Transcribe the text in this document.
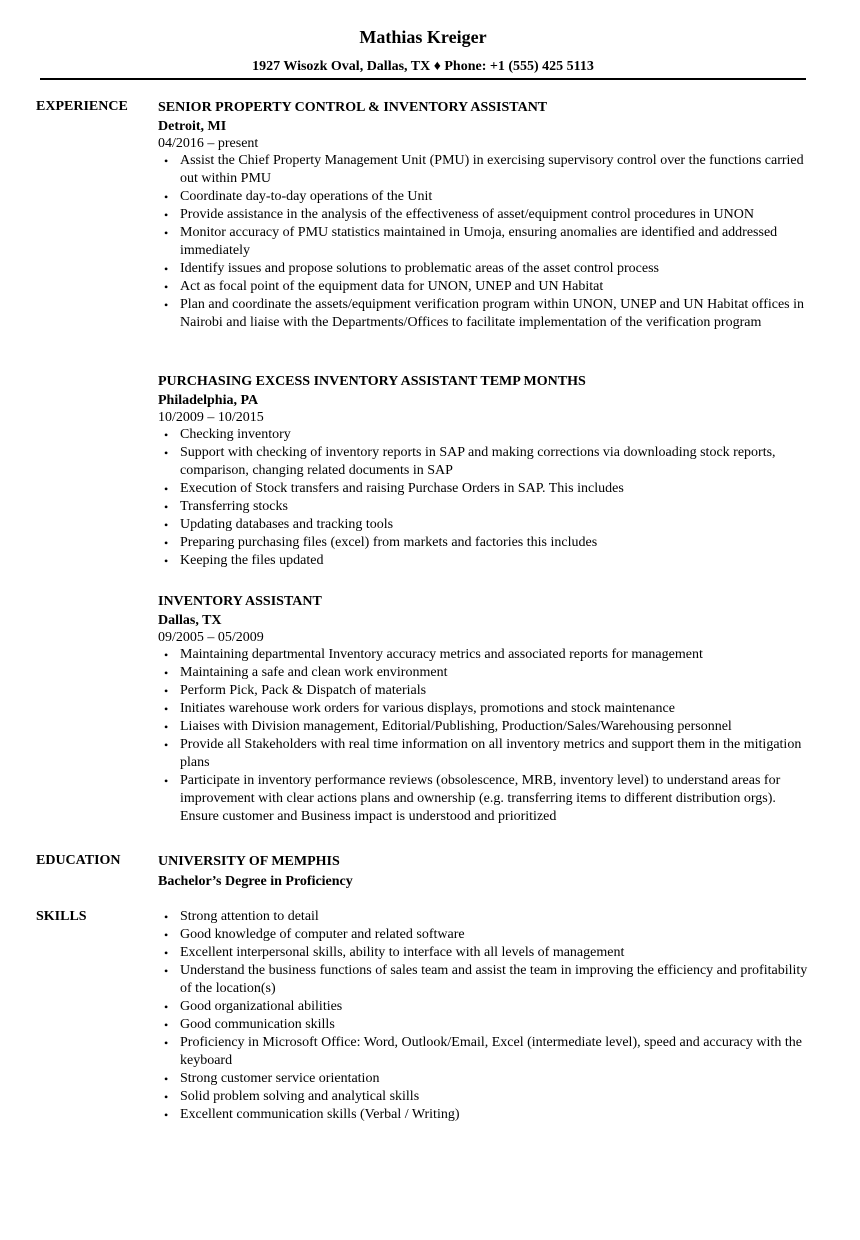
Mathias Kreiger
1927 Wisozk Oval, Dallas, TX ♦ Phone: +1 (555) 425 5113
EXPERIENCE SENIOR PROPERTY CONTROL & INVENTORY ASSISTANT
Detroit, MI
04/2016 – present
• Assist the Chief Property Management Unit (PMU) in exercising supervisory control over the functions carried out within PMU
• Coordinate day-to-day operations of the Unit
• Provide assistance in the analysis of the effectiveness of asset/equipment control procedures in UNON
• Monitor accuracy of PMU statistics maintained in Umoja, ensuring anomalies are identified and addressed immediately
• Identify issues and propose solutions to problematic areas of the asset control process
• Act as focal point of the equipment data for UNON, UNEP and UN Habitat
• Plan and coordinate the assets/equipment verification program within UNON, UNEP and UN Habitat offices in Nairobi and liaise with the Departments/Offices to facilitate implementation of the verification program
PURCHASING EXCESS INVENTORY ASSISTANT TEMP MONTHS
Philadelphia, PA
10/2009 – 10/2015
• Checking inventory
• Support with checking of inventory reports in SAP and making corrections via downloading stock reports, comparison, changing related documents in SAP
• Execution of Stock transfers and raising Purchase Orders in SAP. This includes
• Transferring stocks
• Updating databases and tracking tools
• Preparing purchasing files (excel) from markets and factories this includes
• Keeping the files updated
INVENTORY ASSISTANT
Dallas, TX
09/2005 – 05/2009
• Maintaining departmental Inventory accuracy metrics and associated reports for management
• Maintaining a safe and clean work environment
• Perform Pick, Pack & Dispatch of materials
• Initiates warehouse work orders for various displays, promotions and stock maintenance
• Liaises with Division management, Editorial/Publishing, Production/Sales/Warehousing personnel
• Provide all Stakeholders with real time information on all inventory metrics and support them in the mitigation plans
• Participate in inventory performance reviews (obsolescence, MRB, inventory level) to understand areas for improvement with clear actions plans and ownership (e.g. transferring items to different distribution orgs). Ensure customer and Business impact is understood and prioritized
EDUCATION	UNIVERSITY OF MEMPHIS
Bachelor’s Degree in Proficiency
SKILLS	• Strong attention to detail
• Good knowledge of computer and related software
• Excellent interpersonal skills, ability to interface with all levels of management
• Understand the business functions of sales team and assist the team in improving the efficiency and profitability of the location(s)
• Good organizational abilities
• Good communication skills
• Proficiency in Microsoft Office: Word, Outlook/Email, Excel (intermediate level), speed and accuracy with the keyboard
• Strong customer service orientation
• Solid problem solving and analytical skills
• Excellent communication skills (Verbal / Writing)
